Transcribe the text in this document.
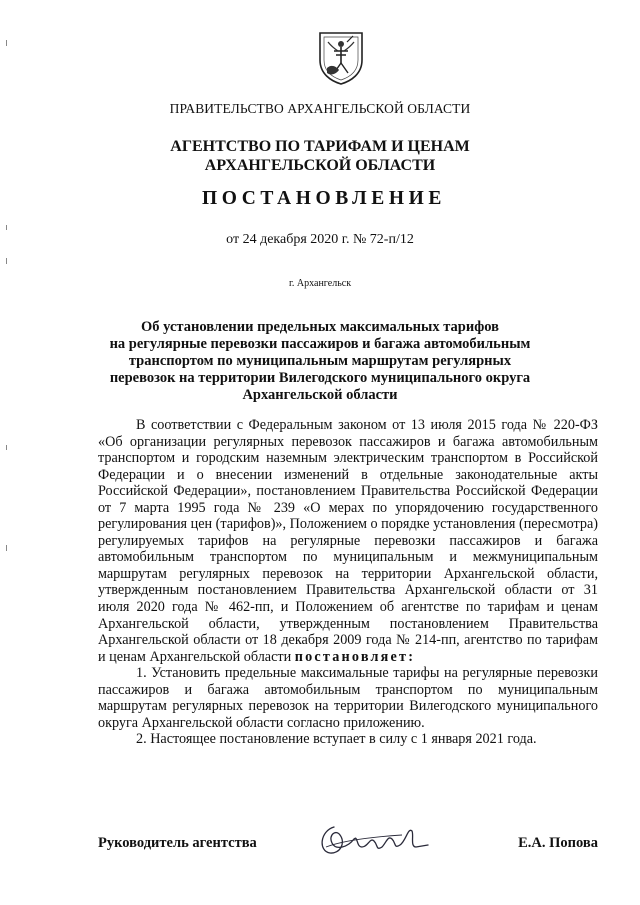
ПРАВИТЕЛЬСТВО АРХАНГЕЛЬСКОЙ ОБЛАСТИ
АГЕНТСТВО ПО ТАРИФАМ И ЦЕНАМ
АРХАНГЕЛЬСКОЙ ОБЛАСТИ
ПОСТАНОВЛЕНИЕ
от 24 декабря 2020 г. № 72-п/12
г. Архангельск
Об установлении предельных максимальных тарифов
на регулярные перевозки пассажиров и багажа автомобильным
транспортом по муниципальным маршрутам регулярных
перевозок на территории Вилегодского муниципального округа
Архангельской области

В соответствии с Федеральным законом от 13 июля 2015 года № 220-ФЗ «Об организации регулярных перевозок пассажиров и багажа автомобильным транспортом и городским наземным электрическим транспортом в Российской Федерации и о внесении изменений в отдельные законодательные акты Российской Федерации», постановлением Правительства Российской Федерации от 7 марта 1995 года № 239 «О мерах по упорядочению государственного регулирования цен (тарифов)», Положением о порядке установления (пересмотра) регулируемых тарифов на регулярные перевозки пассажиров и багажа автомобильным транспортом по муниципальным и межмуниципальным маршрутам регулярных перевозок на территории Архангельской области, утвержденным постановлением Правительства Архангельской области от 31 июля 2020 года № 462-пп, и Положением об агентстве по тарифам и ценам Архангельской области, утвержденным постановлением Правительства Архангельской области от 18 декабря 2009 года № 214-пп, агентство по тарифам и ценам Архангельской области постановляет:

1. Установить предельные максимальные тарифы на регулярные перевозки пассажиров и багажа автомобильным транспортом по муниципальным маршрутам регулярных перевозок на территории Вилегодского муниципального округа Архангельской области согласно приложению.

2. Настоящее постановление вступает в силу с 1 января 2021 года.

Руководитель агентства	Е.А. Попова
